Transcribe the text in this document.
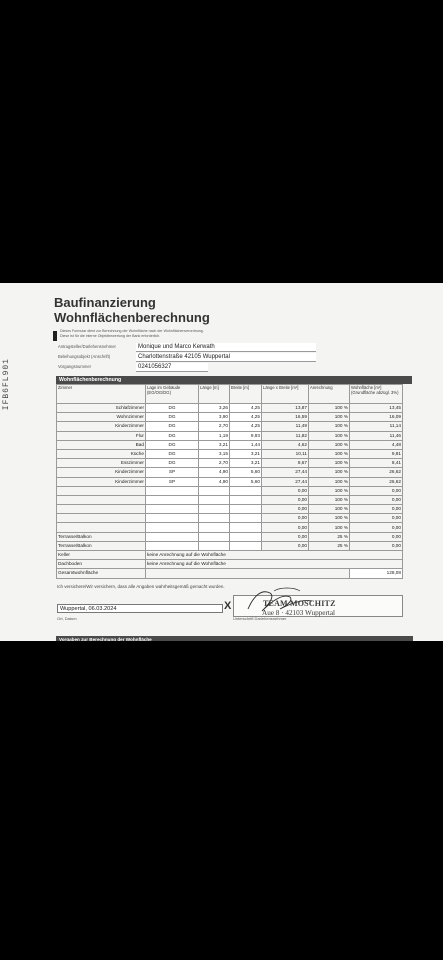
IFB6FL901
Baufinanzierung
Wohnflächenberechnung
Dieses Formular dient zur Berechnung der Wohnfläche nach der Wohnflächenverordnung.
Diese ist für die interne Objektbewertung der Bank erforderlich.
Antragsteller/Darlehensnehmer	Monique und Marco Kerwath
Beleihungsobjekt (Anschrift)	Charlottenstraße 42105 Wuppertal
Vorgangsnummer	0241056327
Wohnflächenberechnung
Zimmer	Lage im Gebäude (EG/OG/DG)	Länge [m]	Breite [m]	Länge x Breite [m²]	Anrechnung	Wohnfläche [m²] (Grundfläche abzügl. 3%)
Schlafzimmer	DG	3,26	4,25	13,87	100 %	13,45
Wohnzimmer	DG	3,90	4,25	16,59	100 %	16,09
Kinderzimmer	DG	2,70	4,25	11,49	100 %	11,14
Flur	DG	1,19	9,93	11,82	100 %	11,46
Bad	DG	3,21	1,44	4,62	100 %	4,48
Küche	DG	3,15	3,21	10,11	100 %	9,81
Esszimmer	DG	2,70	3,21	8,67	100 %	8,41
Kinderzimmer	SP	4,90	5,60	27,44	100 %	26,62
Kinderzimmer	SP	4,90	5,60	27,44	100 %	26,62
				0,00	100 %	0,00
				0,00	100 %	0,00
				0,00	100 %	0,00
				0,00	100 %	0,00
				0,00	100 %	0,00
Terrasse/Balkon				0,00	25 %	0,00
Terrasse/Balkon				0,00	25 %	0,00
Keller	keine Anrechnung auf die Wohnfläche					
Dachboden	keine Anrechnung auf die Wohnfläche					
Gesamtwohnfläche						128,08
Ich versichere/Wir versichern, dass alle Angaben wahrheitsgemäß gemacht wurden.
Wuppertal, 06.03.2024
Ort, Datum
X	TEAM MOSCHITZ
Aue 8 · 42103 Wuppertal
Unterschrift Darlehensnehmer
Vorgaben zur Berechnung der Wohnfläche
